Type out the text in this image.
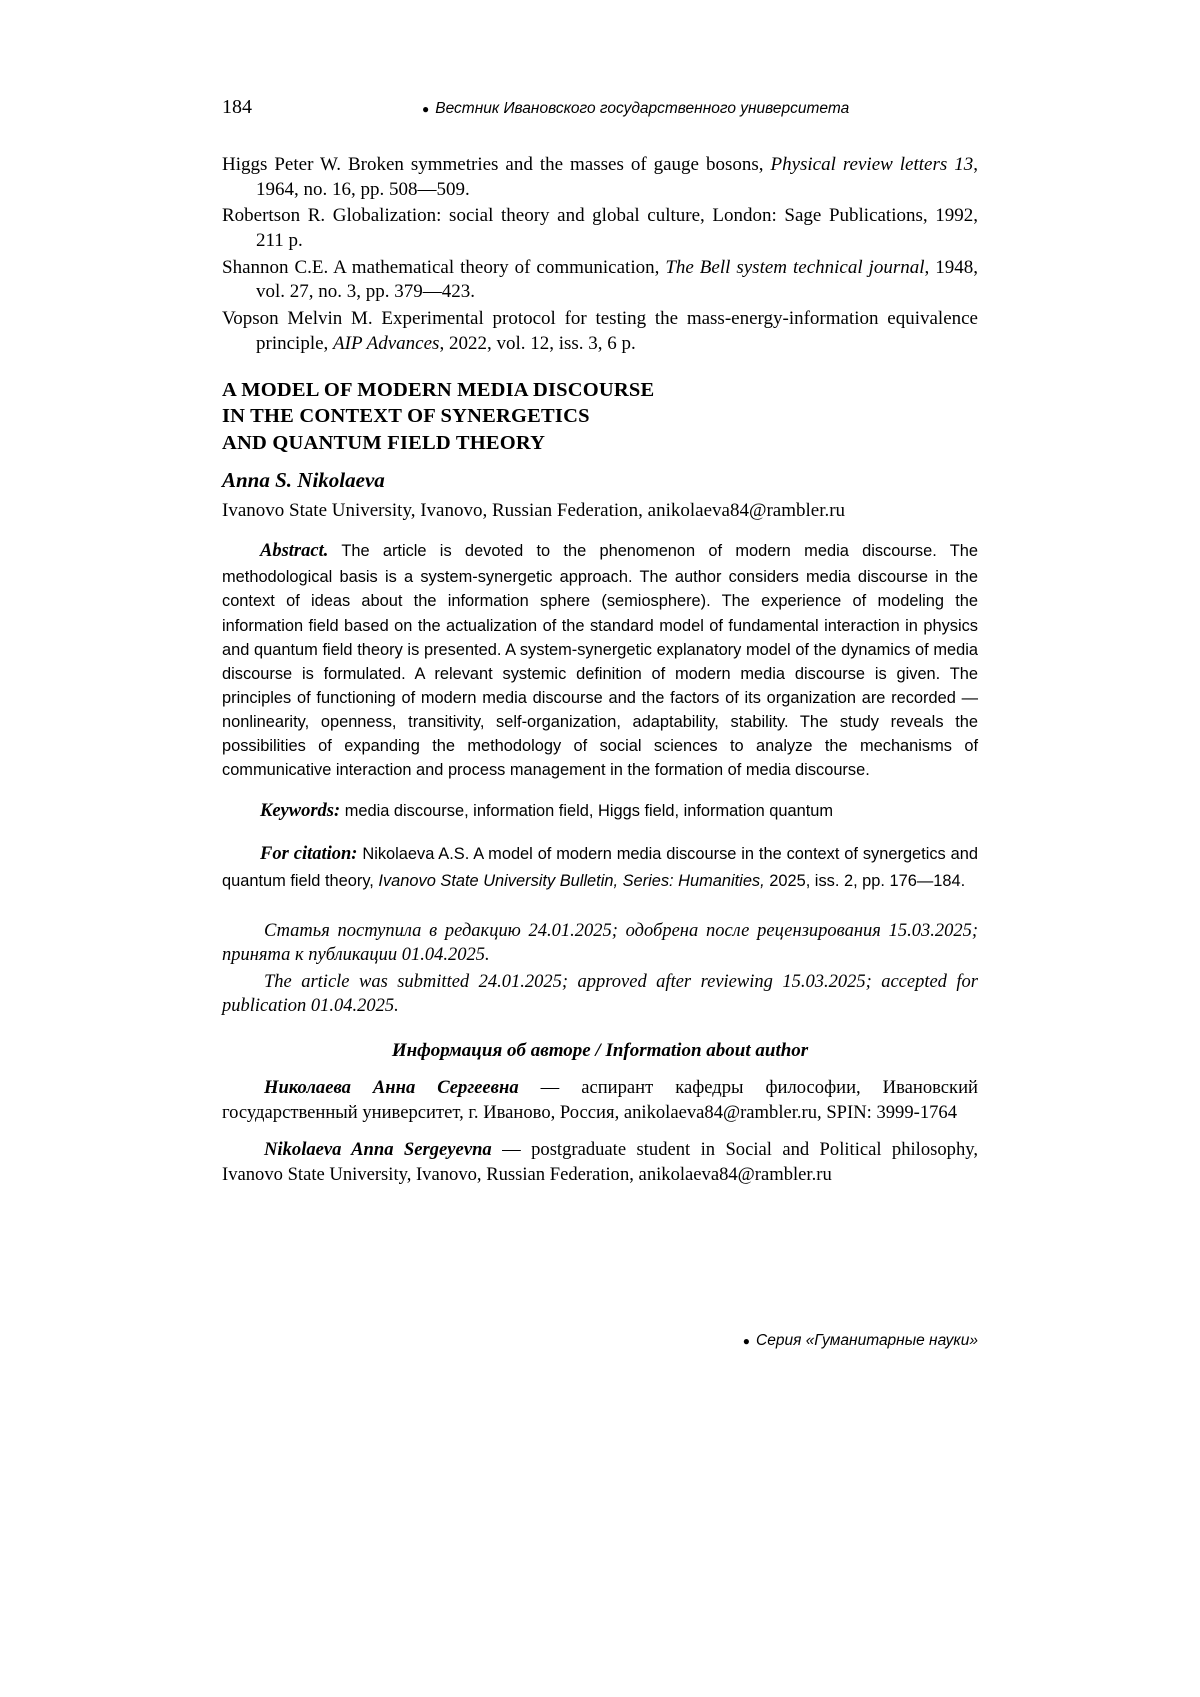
184	● Вестник Ивановского государственного университета
Higgs Peter W. Broken symmetries and the masses of gauge bosons, Physical review letters 13, 1964, no. 16, pp. 508—509.
Robertson R. Globalization: social theory and global culture, London: Sage Publications, 1992, 211 p.
Shannon C.E. A mathematical theory of communication, The Bell system technical journal, 1948, vol. 27, no. 3, pp. 379—423.
Vopson Melvin M. Experimental protocol for testing the mass-energy-information equivalence principle, AIP Advances, 2022, vol. 12, iss. 3, 6 p.
A MODEL OF MODERN MEDIA DISCOURSE
IN THE CONTEXT OF SYNERGETICS
AND QUANTUM FIELD THEORY
Anna S. Nikolaeva
Ivanovo State University, Ivanovo, Russian Federation, anikolaeva84@rambler.ru
Abstract. The article is devoted to the phenomenon of modern media discourse. The methodological basis is a system-synergetic approach. The author considers media discourse in the context of ideas about the information sphere (semiosphere). The experience of modeling the information field based on the actualization of the standard model of fundamental interaction in physics and quantum field theory is presented. A system-synergetic explanatory model of the dynamics of media discourse is formulated. A relevant systemic definition of modern media discourse is given. The principles of functioning of modern media discourse and the factors of its organization are recorded — nonlinearity, openness, transitivity, self-organization, adaptability, stability. The study reveals the possibilities of expanding the methodology of social sciences to analyze the mechanisms of communicative interaction and process management in the formation of media discourse.
Keywords: media discourse, information field, Higgs field, information quantum
For citation: Nikolaeva A.S. A model of modern media discourse in the context of synergetics and quantum field theory, Ivanovo State University Bulletin, Series: Humanities, 2025, iss. 2, pp. 176—184.
Статья поступила в редакцию 24.01.2025; одобрена после рецензирования 15.03.2025; принята к публикации 01.04.2025.
The article was submitted 24.01.2025; approved after reviewing 15.03.2025; accepted for publication 01.04.2025.
Информация об авторе / Information about author
Николаева Анна Сергеевна — аспирант кафедры философии, Ивановский государственный университет, г. Иваново, Россия, anikolaeva84@rambler.ru, SPIN: 3999-1764
Nikolaeva Anna Sergeyevna — postgraduate student in Social and Political philosophy, Ivanovo State University, Ivanovo, Russian Federation, anikolaeva84@rambler.ru
● Серия «Гуманитарные науки»
